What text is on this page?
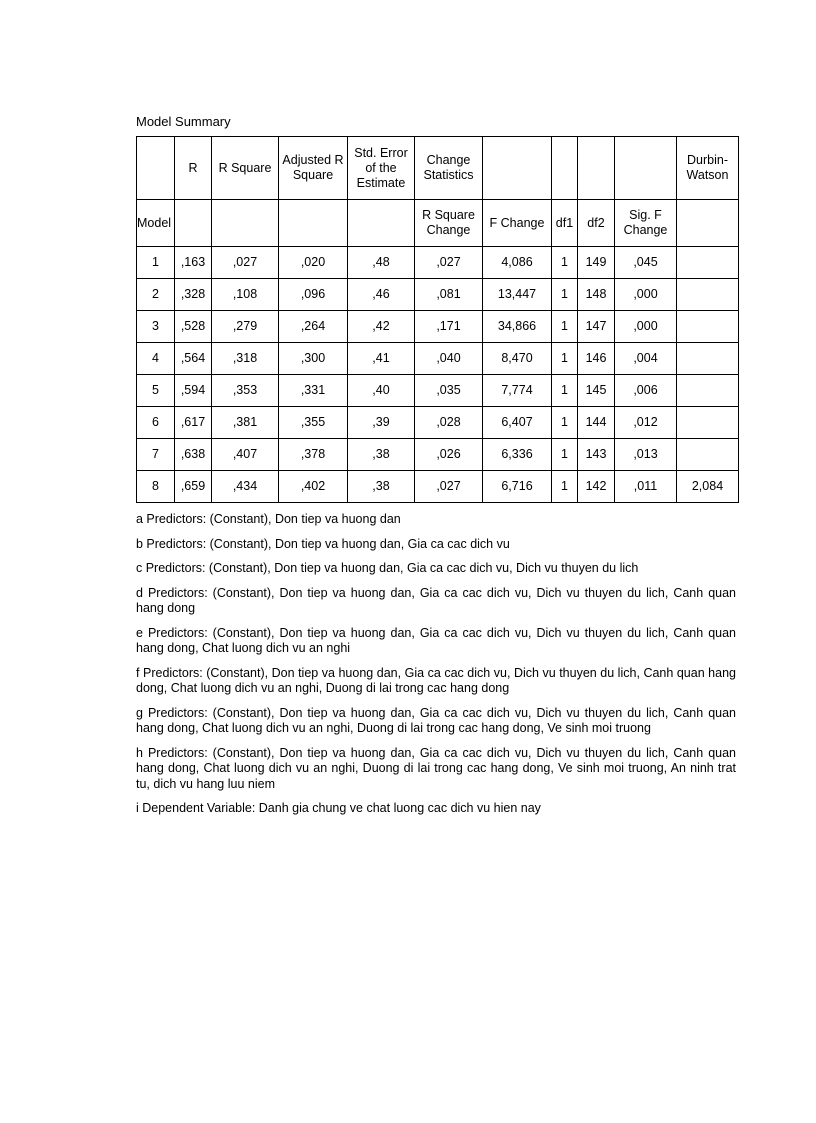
Model Summary
	R	R Square	Adjusted R Square	Std. Error of the Estimate	Change Statistics					Durbin-Watson
Model					R Square Change	F Change	df1	df2	Sig. F Change	
1	,163	,027	,020	,48	,027	4,086	1	149	,045	
2	,328	,108	,096	,46	,081	13,447	1	148	,000	
3	,528	,279	,264	,42	,171	34,866	1	147	,000	
4	,564	,318	,300	,41	,040	8,470	1	146	,004	
5	,594	,353	,331	,40	,035	7,774	1	145	,006	
6	,617	,381	,355	,39	,028	6,407	1	144	,012	
7	,638	,407	,378	,38	,026	6,336	1	143	,013	
8	,659	,434	,402	,38	,027	6,716	1	142	,011	2,084
a Predictors: (Constant), Don tiep va huong dan
b Predictors: (Constant), Don tiep va huong dan, Gia ca cac dich vu
c Predictors: (Constant), Don tiep va huong dan, Gia ca cac dich vu, Dich vu thuyen du lich
d Predictors: (Constant), Don tiep va huong dan, Gia ca cac dich vu, Dich vu thuyen du lich, Canh quan hang dong
e Predictors: (Constant), Don tiep va huong dan, Gia ca cac dich vu, Dich vu thuyen du lich, Canh quan hang dong, Chat luong dich vu an nghi
f Predictors: (Constant), Don tiep va huong dan, Gia ca cac dich vu, Dich vu thuyen du lich, Canh quan hang dong, Chat luong dich vu an nghi, Duong di lai trong cac hang dong
g Predictors: (Constant), Don tiep va huong dan, Gia ca cac dich vu, Dich vu thuyen du lich, Canh quan hang dong, Chat luong dich vu an nghi, Duong di lai trong cac hang dong, Ve sinh moi truong
h Predictors: (Constant), Don tiep va huong dan, Gia ca cac dich vu, Dich vu thuyen du lich, Canh quan hang dong, Chat luong dich vu an nghi, Duong di lai trong cac hang dong, Ve sinh moi truong, An ninh trat tu, dich vu hang luu niem
i Dependent Variable: Danh gia chung ve chat luong cac dich vu hien nay
